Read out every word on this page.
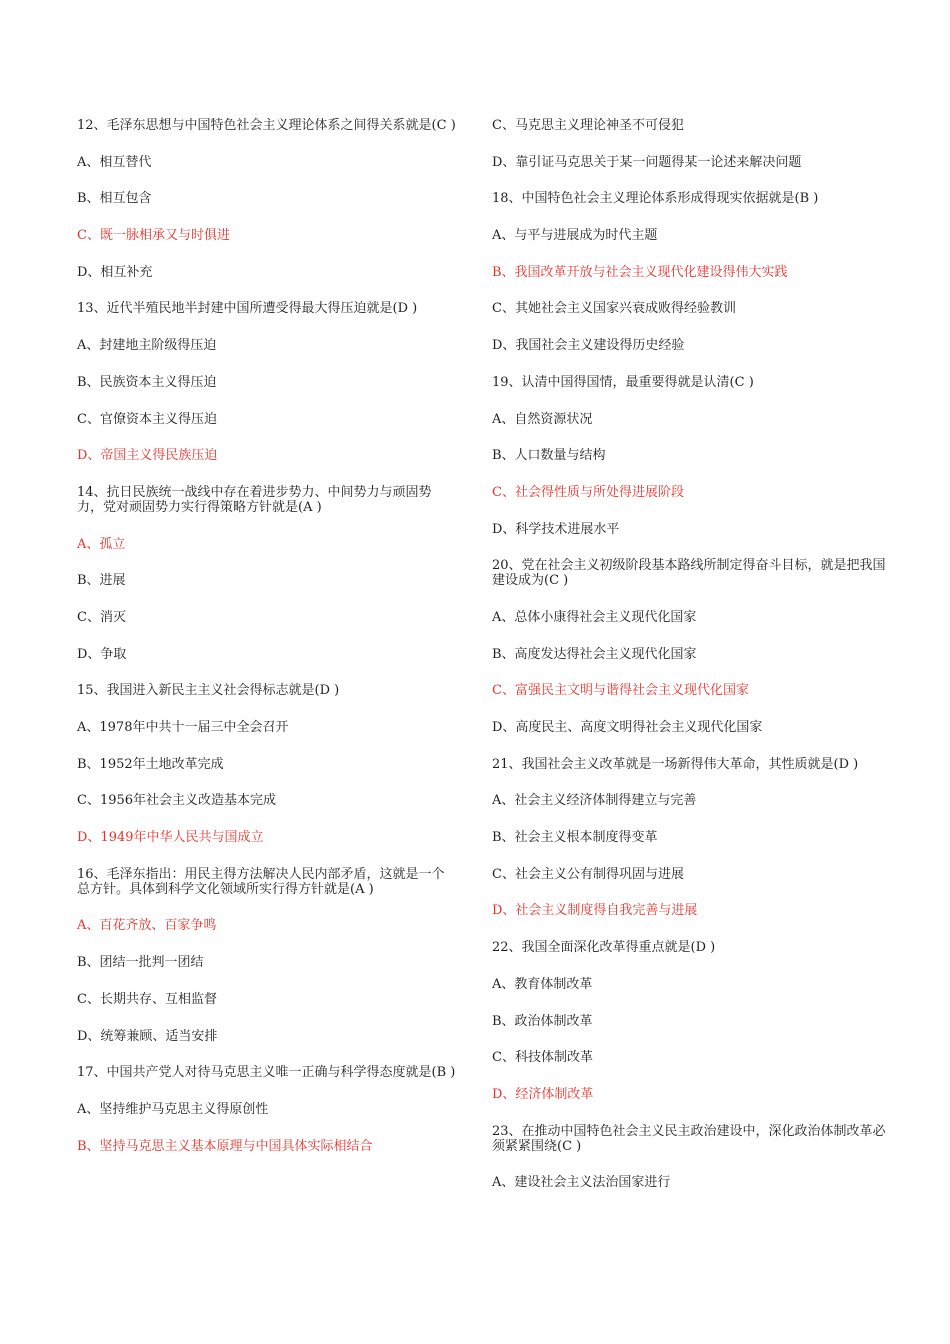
12、毛泽东思想与中国特色社会主义理论体系之间得关系就是(C )
A、相互替代
B、相互包含
C、既一脉相承又与时俱进
D、相互补充
13、近代半殖民地半封建中国所遭受得最大得压迫就是(D )
A、封建地主阶级得压迫
B、民族资本主义得压迫
C、官僚资本主义得压迫
D、帝国主义得民族压迫
14、抗日民族统一战线中存在着进步势力、中间势力与顽固势力，党对顽固势力实行得策略方针就是(A )
A、孤立
B、进展
C、消灭
D、争取
15、我国进入新民主主义社会得标志就是(D )
A、1978年中共十一届三中全会召开
B、1952年土地改革完成
C、1956年社会主义改造基本完成
D、1949年中华人民共与国成立
16、毛泽东指出：用民主得方法解决人民内部矛盾，这就是一个总方针。具体到科学文化领域所实行得方针就是(A )
A、百花齐放、百家争鸣
B、团结一批判一团结
C、长期共存、互相监督
D、统筹兼顾、适当安排
17、中国共产党人对待马克思主义唯一正确与科学得态度就是(B )
A、坚持维护马克思主义得原创性
B、坚持马克思主义基本原理与中国具体实际相结合
C、马克思主义理论神圣不可侵犯
D、靠引证马克思关于某一问题得某一论述来解决问题
18、中国特色社会主义理论体系形成得现实依据就是(B )
A、与平与进展成为时代主题
B、我国改革开放与社会主义现代化建设得伟大实践
C、其她社会主义国家兴衰成败得经验教训
D、我国社会主义建设得历史经验
19、认清中国得国情，最重要得就是认清(C )
A、自然资源状况
B、人口数量与结构
C、社会得性质与所处得进展阶段
D、科学技术进展水平
20、党在社会主义初级阶段基本路线所制定得奋斗目标，就是把我国建设成为(C )
A、总体小康得社会主义现代化国家
B、高度发达得社会主义现代化国家
C、富强民主文明与谐得社会主义现代化国家
D、高度民主、高度文明得社会主义现代化国家
21、我国社会主义改革就是一场新得伟大革命，其性质就是(D )
A、社会主义经济体制得建立与完善
B、社会主义根本制度得变革
C、社会主义公有制得巩固与进展
D、社会主义制度得自我完善与进展
22、我国全面深化改革得重点就是(D )
A、教育体制改革
B、政治体制改革
C、科技体制改革
D、经济体制改革
23、在推动中国特色社会主义民主政治建设中，深化政治体制改革必须紧紧围绕(C )
A、建设社会主义法治国家进行
